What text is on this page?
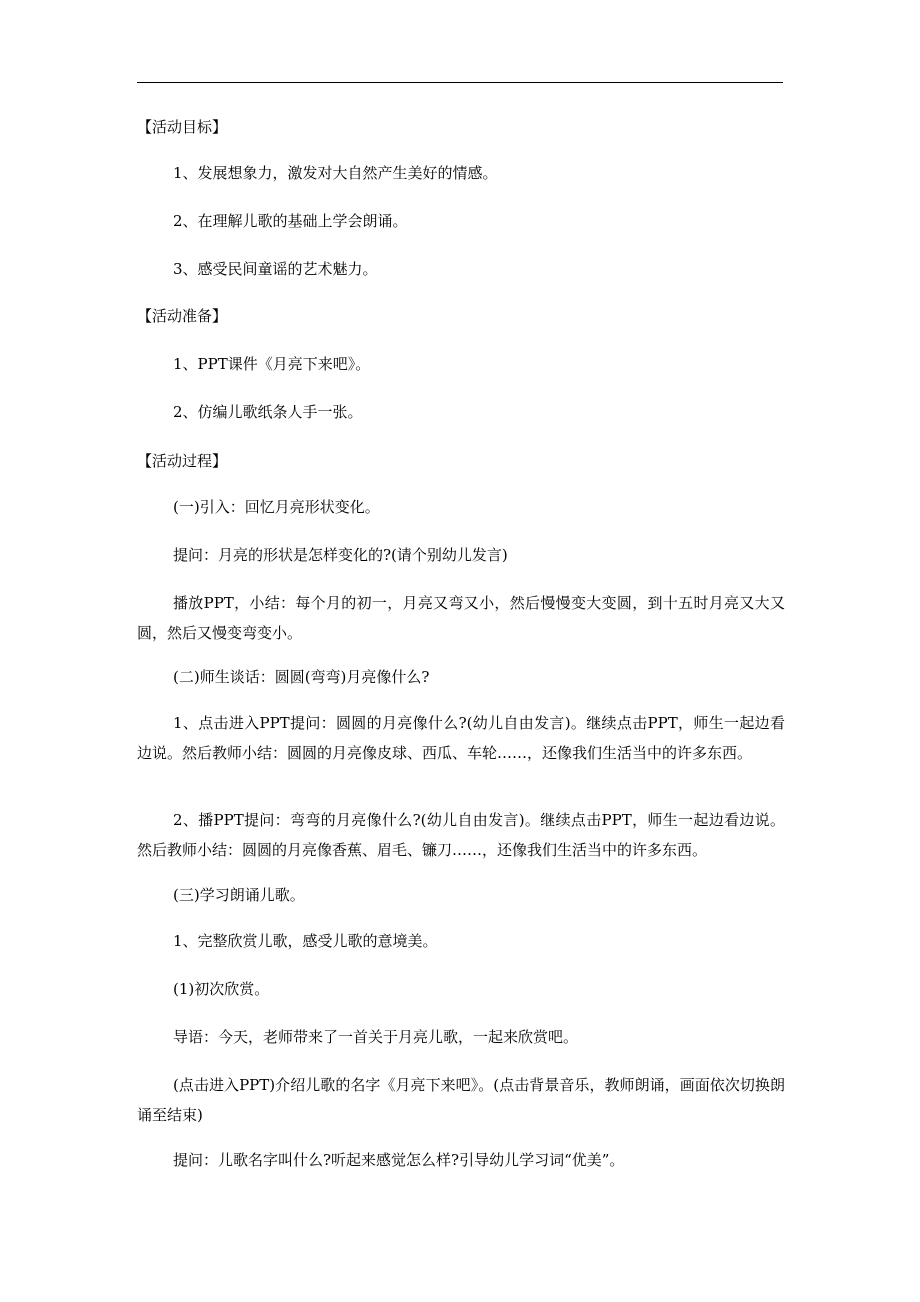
【活动目标】
1、发展想象力，激发对大自然产生美好的情感。
2、在理解儿歌的基础上学会朗诵。
3、感受民间童谣的艺术魅力。
【活动准备】
1、PPT课件《月亮下来吧》。
2、仿编儿歌纸条人手一张。
【活动过程】
(一)引入：回忆月亮形状变化。
提问：月亮的形状是怎样变化的?(请个别幼儿发言)
播放PPT，小结：每个月的初一，月亮又弯又小，然后慢慢变大变圆，到十五时月亮又大又圆，然后又慢变弯变小。
(二)师生谈话：圆圆(弯弯)月亮像什么?
1、点击进入PPT提问：圆圆的月亮像什么?(幼儿自由发言)。继续点击PPT，师生一起边看边说。然后教师小结：圆圆的月亮像皮球、西瓜、车轮……，还像我们生活当中的许多东西。
2、播PPT提问：弯弯的月亮像什么?(幼儿自由发言)。继续点击PPT，师生一起边看边说。然后教师小结：圆圆的月亮像香蕉、眉毛、镰刀……，还像我们生活当中的许多东西。
(三)学习朗诵儿歌。
1、完整欣赏儿歌，感受儿歌的意境美。
(1)初次欣赏。
导语：今天，老师带来了一首关于月亮儿歌，一起来欣赏吧。
(点击进入PPT)介绍儿歌的名字《月亮下来吧》。(点击背景音乐，教师朗诵，画面依次切换朗诵至结束)
提问：儿歌名字叫什么?听起来感觉怎么样?引导幼儿学习词“优美”。
